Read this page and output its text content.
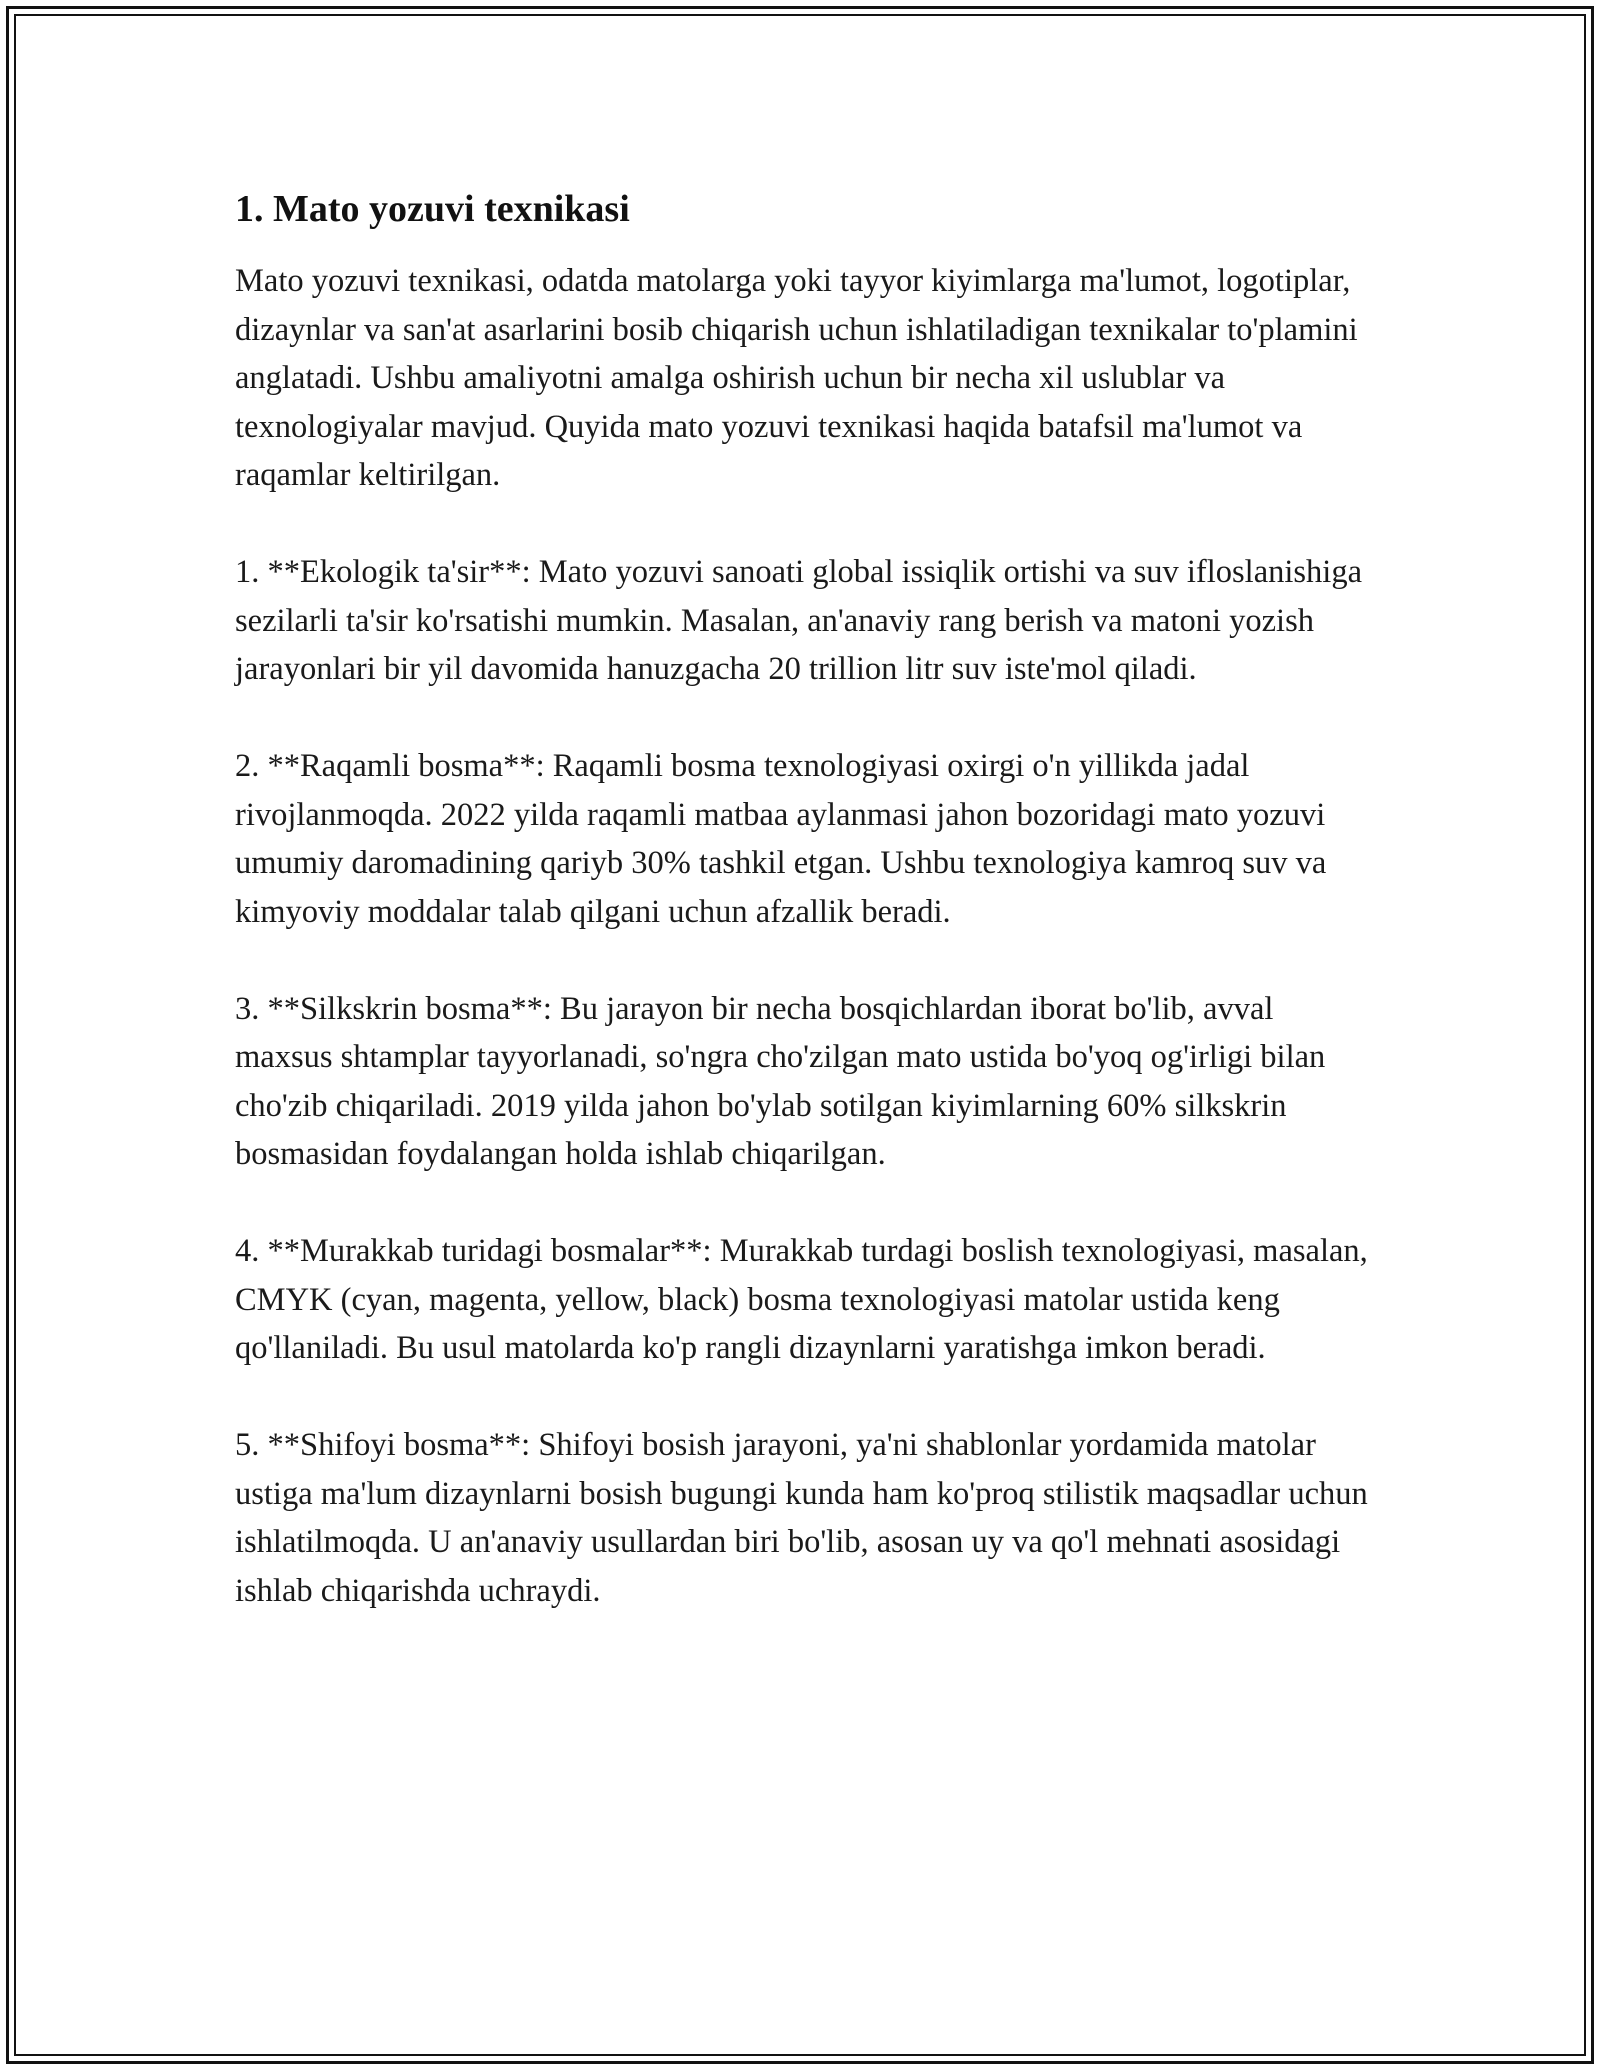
1. Mato yozuvi texnikasi

Mato yozuvi texnikasi, odatda matolarga yoki tayyor kiyimlarga ma'lumot, logotiplar, dizaynlar va san'at asarlarini bosib chiqarish uchun ishlatiladigan texnikalar to'plamini anglatadi. Ushbu amaliyotni amalga oshirish uchun bir necha xil uslublar va texnologiyalar mavjud. Quyida mato yozuvi texnikasi haqida batafsil ma'lumot va raqamlar keltirilgan.

1. **Ekologik ta'sir**: Mato yozuvi sanoati global issiqlik ortishi va suv ifloslanishiga sezilarli ta'sir ko'rsatishi mumkin. Masalan, an'anaviy rang berish va matoni yozish jarayonlari bir yil davomida hanuzgacha 20 trillion litr suv iste'mol qiladi.

2. **Raqamli bosma**: Raqamli bosma texnologiyasi oxirgi o'n yillikda jadal rivojlanmoqda. 2022 yilda raqamli matbaa aylanmasi jahon bozoridagi mato yozuvi umumiy daromadining qariyb 30% tashkil etgan. Ushbu texnologiya kamroq suv va kimyoviy moddalar talab qilgani uchun afzallik beradi.

3. **Silkskrin bosma**: Bu jarayon bir necha bosqichlardan iborat bo'lib, avval maxsus shtamplar tayyorlanadi, so'ngra cho'zilgan mato ustida bo'yoq og'irligi bilan cho'zib chiqariladi. 2019 yilda jahon bo'ylab sotilgan kiyimlarning 60% silkskrin bosmasidan foydalangan holda ishlab chiqarilgan.

4. **Murakkab turidagi bosmalar**: Murakkab turdagi boslish texnologiyasi, masalan, CMYK (cyan, magenta, yellow, black) bosma texnologiyasi matolar ustida keng qo'llaniladi. Bu usul matolarda ko'p rangli dizaynlarni yaratishga imkon beradi.

5. **Shifoyi bosma**: Shifoyi bosish jarayoni, ya'ni shablonlar yordamida matolar ustiga ma'lum dizaynlarni bosish bugungi kunda ham ko'proq stilistik maqsadlar uchun ishlatilmoqda. U an'anaviy usullardan biri bo'lib, asosan uy va qo'l mehnati asosidagi ishlab chiqarishda uchraydi.
